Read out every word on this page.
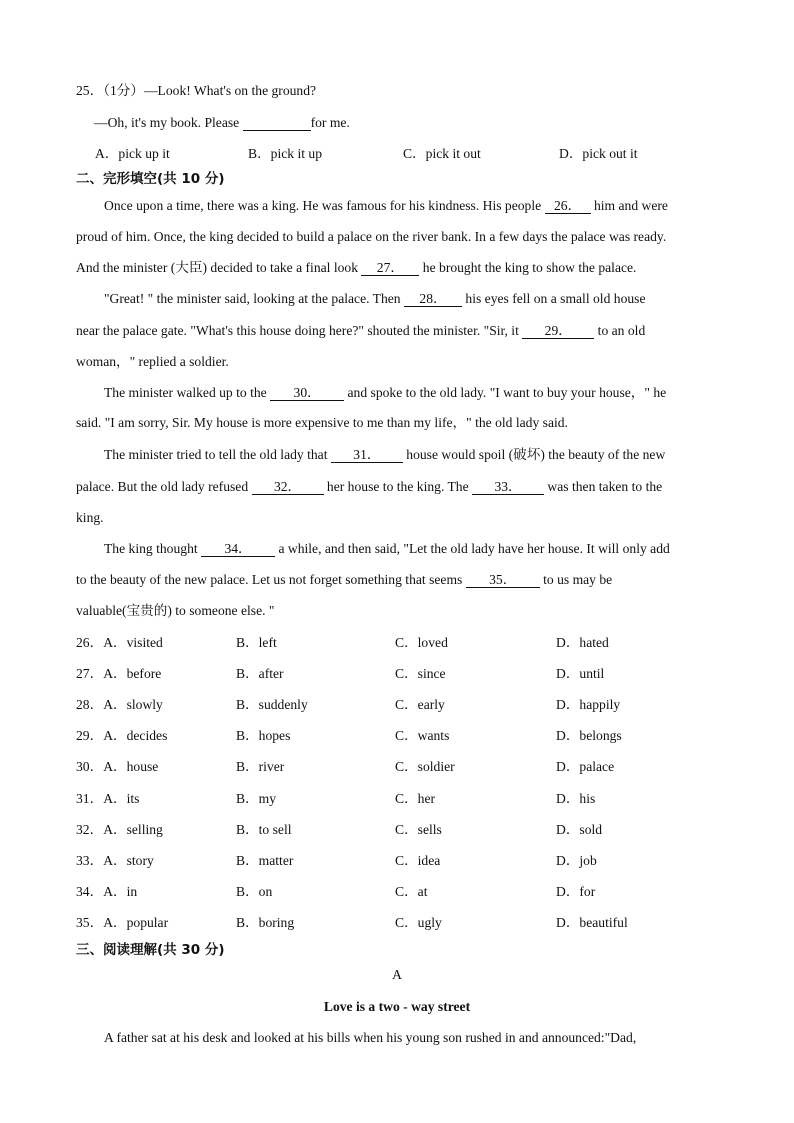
25．（1分）—Look! What's on the ground?
—Oh, it's my book. Please	for me.
A．pick up it	B．pick it up	C．pick it out	D．pick out it
二、完形填空(共 10 分)
Once upon a time, there was a king. He was famous for his kindness. His people 26． him and were
proud of him. Once, the king decided to build a palace on the river bank. In a few days the palace was ready.
And the minister (大臣) decided to take a final look 27． he brought the king to show the palace.
"Great! " the minister said, looking at the palace. Then 28． his eyes fell on a small old house
near the palace gate. "What's this house doing here?" shouted the minister. "Sir, it 29． to an old
woman，" replied a soldier.
The minister walked up to the 30． and spoke to the old lady. "I want to buy your house，" he
said. "I am sorry, Sir. My house is more expensive to me than my life，" the old lady said.
The minister tried to tell the old lady that 31． house would spoil (破坏) the beauty of the new
palace. But the old lady refused 32． her house to the king. The 33． was then taken to the
king.
The king thought 34． a while, and then said, "Let the old lady have her house. It will only add
to the beauty of the new palace. Let us not forget something that seems 35． to us may be
valuable(宝贵的) to someone else. "
26．A．visited	B．left	C．loved	D．hated
27．A．before	B．after	C．since	D．until
28．A．slowly	B．suddenly	C．early	D．happily
29．A．decides	B．hopes	C．wants	D．belongs
30．A．house	B．river	C．soldier	D．palace
31．A．its	B．my	C．her	D．his
32．A．selling	B．to sell	C．sells	D．sold
33．A．story	B．matter	C．idea	D．job
34．A．in	B．on	C．at	D．for
35．A．popular	B．boring	C．ugly	D．beautiful
三、阅读理解(共 30 分)
A
Love is a two - way street
A father sat at his desk and looked at his bills when his young son rushed in and announced:"Dad,
